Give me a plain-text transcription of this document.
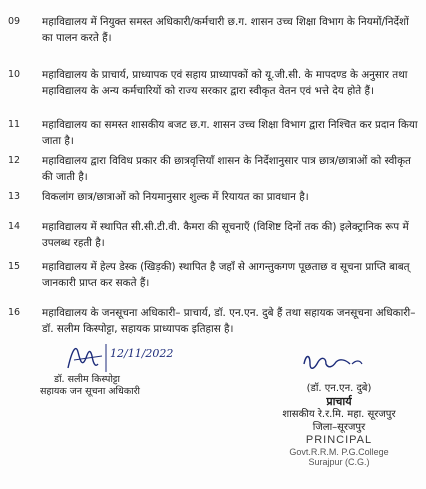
09	महाविद्यालय में नियुक्त समस्त अधिकारी/कर्मचारी छ.ग. शासन उच्च शिक्षा विभाग के नियमों/निर्देशों का पालन करते हैं।
10	महाविद्यालय के प्राचार्य, प्राध्यापक एवं सहाय प्राध्यापकों को यू.जी.सी. के मापदण्ड के अनुसार तथा महाविद्यालय के अन्य कर्मचारियों को राज्य सरकार द्वारा स्वीकृत वेतन एवं भत्ते देय होते हैं।
11	महाविद्यालय का समस्त शासकीय बजट छ.ग. शासन उच्च शिक्षा विभाग द्वारा निश्चित कर प्रदान किया जाता है।
12	महाविद्यालय द्वारा विविध प्रकार की छात्रवृत्तियाँ शासन के निर्देशानुसार पात्र छात्र/छात्राओं को स्वीकृत की जाती है।
13	विकलांग छात्र/छात्राओं को नियमानुसार शुल्क में रियायत का प्रावधान है।
14	महाविद्यालय में स्थापित सी.सी.टी.वी. कैमरा की सूचनाएँ (विशिष्ट दिनों तक की) इलेक्ट्रानिक रूप में उपलब्ध रहती है।
15	महाविद्यालय में हेल्प डेस्क (खिड़की) स्थापित है जहाँ से आगन्तुकगण पूछताछ व सूचना प्राप्ति बाबत् जानकारी प्राप्त कर सकते हैं।
16	महाविद्यालय के जनसूचना अधिकारी– प्राचार्य, डॉ. एन.एन. दुबे हैं तथा सहायक जनसूचना अधिकारी– डॉ. सलीम किस्पोट्टा, सहायक प्राध्यापक इतिहास है।
12/11/2022
डॉ. सलीम किस्पोट्टा
सहायक जन सूचना अधिकारी	(डॉ. एन.एन. दुबे)
प्राचार्य
शासकीय रे.र.मि. महा. सूरजपुर
जिला–सूरजपुर
PRINCIPAL
Govt.R.R.M. P.G.College
Surajpur (C.G.)
